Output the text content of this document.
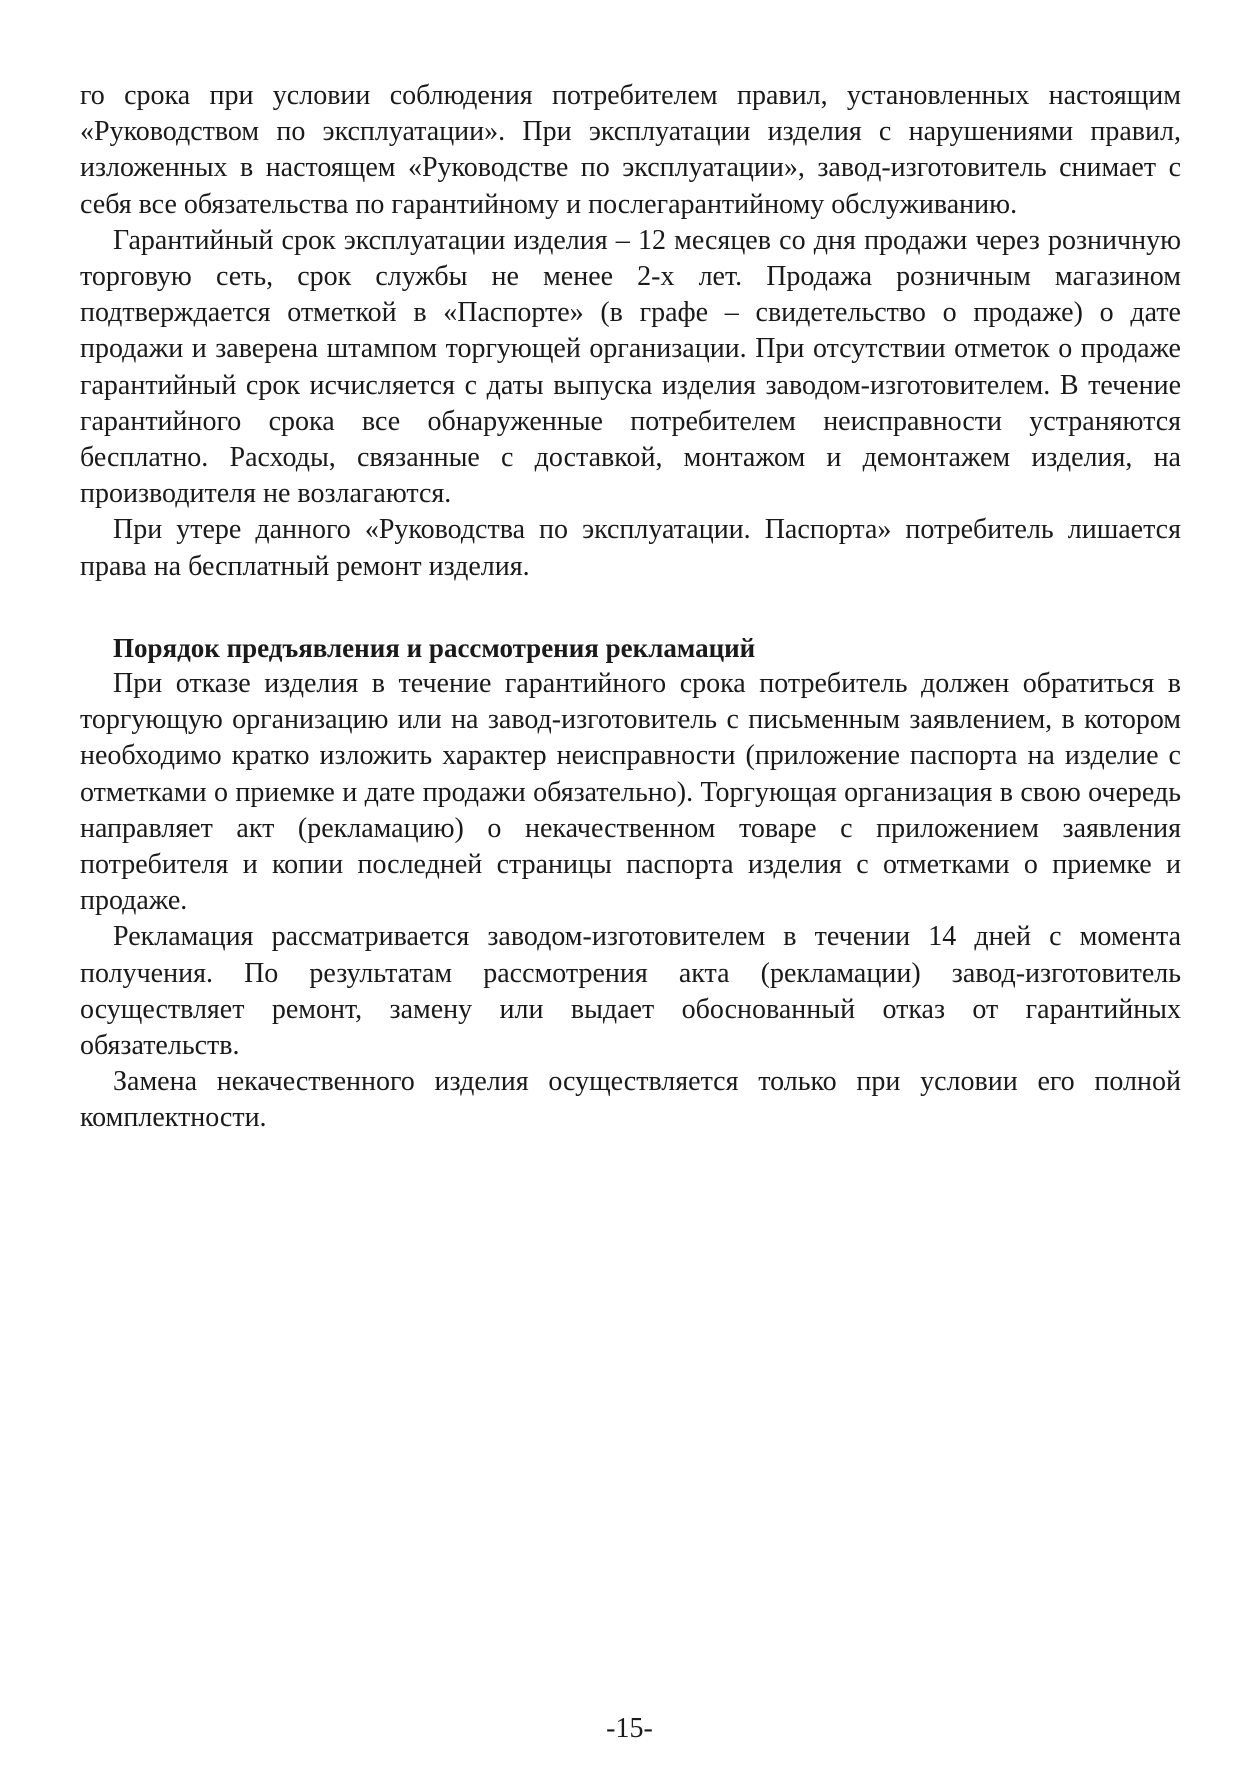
го срока при условии соблюдения потребителем правил, установленных настоящим «Руководством по эксплуатации». При эксплуатации изделия с нарушениями правил, изложенных в настоящем «Руководстве по эксплуатации», завод-изготовитель снимает с себя все обязательства по гарантийному и послегарантийному обслуживанию.

Гарантийный срок эксплуатации изделия – 12 месяцев со дня продажи через розничную торговую сеть, срок службы не менее 2-х лет. Продажа розничным магазином подтверждается отметкой в «Паспорте» (в графе – свидетельство о продаже) о дате продажи и заверена штампом торгующей организации. При отсутствии отметок о продаже гарантийный срок исчисляется с даты выпуска изделия заводом-изготовителем. В течение гарантийного срока все обнаруженные потребителем неисправности устраняются бесплатно. Расходы, связанные с доставкой, монтажом и демонтажем изделия, на производителя не возлагаются.

При утере данного «Руководства по эксплуатации. Паспорта» потребитель лишается права на бесплатный ремонт изделия.

Порядок предъявления и рассмотрения рекламаций

При отказе изделия в течение гарантийного срока потребитель должен обратиться в торгующую организацию или на завод-изготовитель с письменным заявлением, в котором необходимо кратко изложить характер неисправности (приложение паспорта на изделие с отметками о приемке и дате продажи обязательно). Торгующая организация в свою очередь направляет акт (рекламацию) о некачественном товаре с приложением заявления потребителя и копии последней страницы паспорта изделия с отметками о приемке и продаже.

Рекламация рассматривается заводом-изготовителем в течении 14 дней с момента получения. По результатам рассмотрения акта (рекламации) завод-изготовитель осуществляет ремонт, замену или выдает обоснованный отказ от гарантийных обязательств.

Замена некачественного изделия осуществляется только при условии его полной комплектности.

-15-
